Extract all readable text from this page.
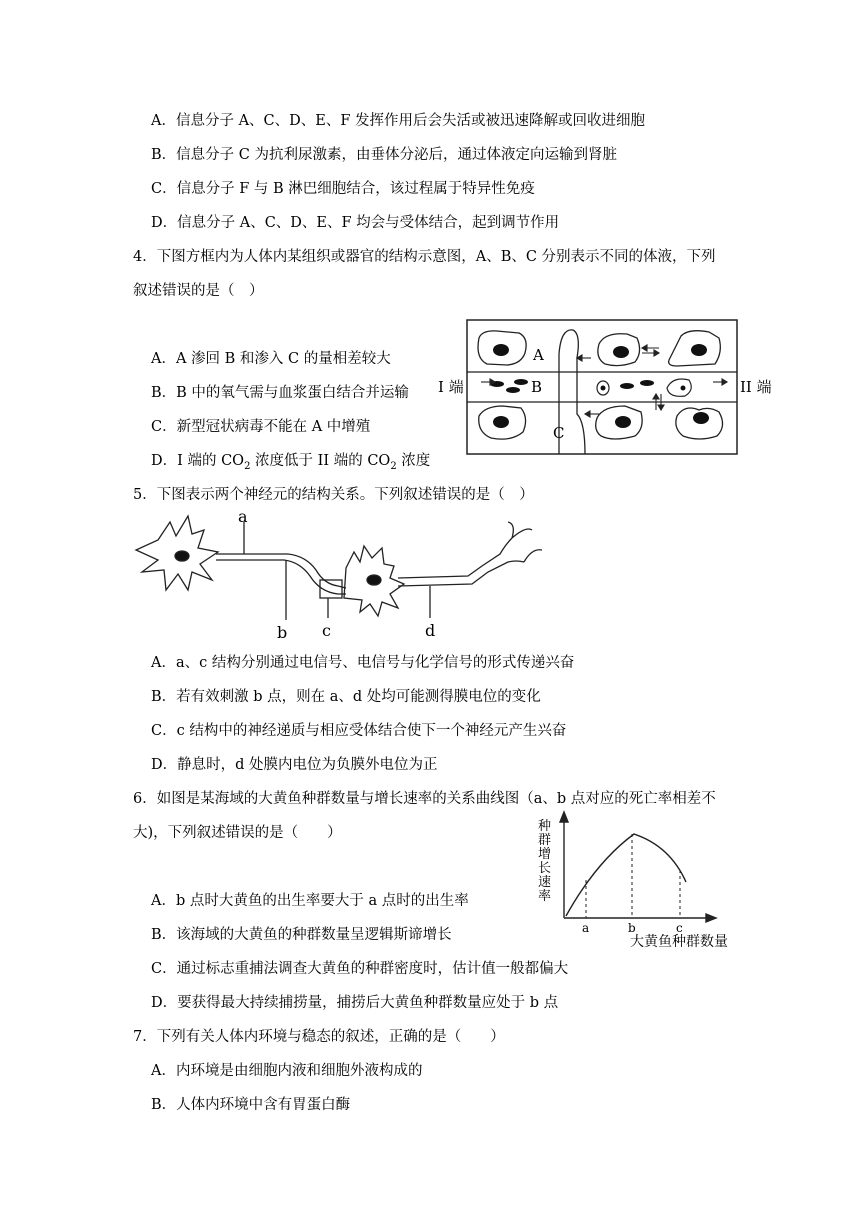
A．信息分子 A、C、D、E、F 发挥作用后会失活或被迅速降解或回收进细胞
B．信息分子 C 为抗利尿激素，由垂体分泌后，通过体液定向运输到肾脏
C．信息分子 F 与 B 淋巴细胞结合，该过程属于特异性免疫
D．信息分子 A、C、D、E、F 均会与受体结合，起到调节作用
4．下图方框内为人体内某组织或器官的结构示意图，A、B、C 分别表示不同的体液，下列
叙述错误的是（　）
A．A 渗回 B 和渗入 C 的量相差较大
B．B 中的氧气需与血浆蛋白结合并运输
C．新型冠状病毒不能在 A 中增殖
D．I 端的 $CO_2$ 浓度低于 II 端的 $CO_2$ 浓度
A
B
C
I 端	II 端
5．下图表示两个神经元的结构关系。下列叙述错误的是（　）
a
b c	d
A．a、c 结构分别通过电信号、电信号与化学信号的形式传递兴奋
B．若有效刺激 b 点，则在 a、d 处均可能测得膜电位的变化
C．c 结构中的神经递质与相应受体结合使下一个神经元产生兴奋
D．静息时，d 处膜内电位为负膜外电位为正
6．如图是某海域的大黄鱼种群数量与增长速率的关系曲线图（a、b 点对应的死亡率相差不
大)，下列叙述错误的是（　　）
A．b 点时大黄鱼的出生率要大于 a 点时的出生率
B．该海域的大黄鱼的种群数量呈逻辑斯谛增长
C．通过标志重捕法调查大黄鱼的种群密度时，估计值一般都偏大
D．要获得最大持续捕捞量，捕捞后大黄鱼种群数量应处于 b 点
种群增长速率
a	b	c
大黄鱼种群数量
7．下列有关人体内环境与稳态的叙述，正确的是（　　）
A．内环境是由细胞内液和细胞外液构成的
B．人体内环境中含有胃蛋白酶
